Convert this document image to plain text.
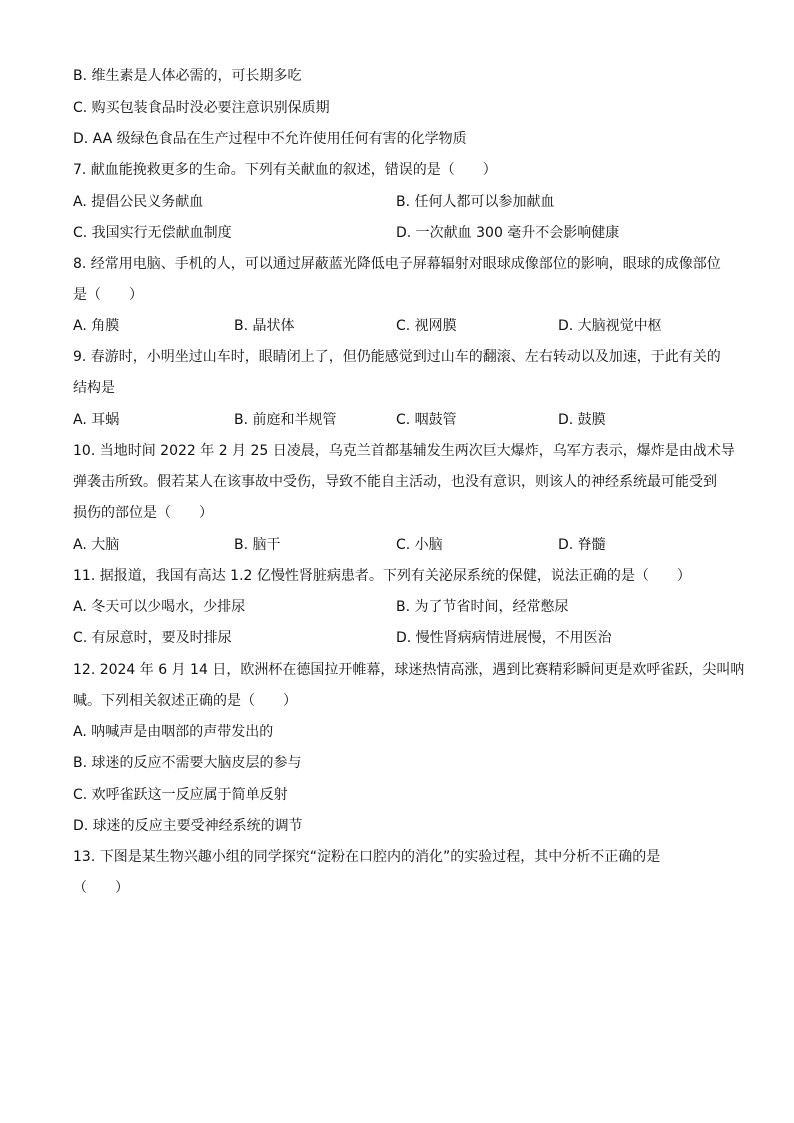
B. 维生素是人体必需的，可长期多吃
C. 购买包装食品时没必要注意识别保质期
D. AA 级绿色食品在生产过程中不允许使用任何有害的化学物质
7. 献血能挽救更多的生命。下列有关献血的叙述，错误的是（　　）
A. 提倡公民义务献血	B. 任何人都可以参加献血
C. 我国实行无偿献血制度	D. 一次献血 300 毫升不会影响健康
8. 经常用电脑、手机的人，可以通过屏蔽蓝光降低电子屏幕辐射对眼球成像部位的影响，眼球的成像部位
是（　　）
A. 角膜	B. 晶状体	C. 视网膜	D. 大脑视觉中枢
9. 春游时，小明坐过山车时，眼睛闭上了，但仍能感觉到过山车的翻滚、左右转动以及加速，于此有关的
结构是
A. 耳蜗	B. 前庭和半规管	C. 咽鼓管	D. 鼓膜
10. 当地时间 2022 年 2 月 25 日凌晨，乌克兰首都基辅发生两次巨大爆炸，乌军方表示，爆炸是由战术导
弹袭击所致。假若某人在该事故中受伤，导致不能自主活动，也没有意识，则该人的神经系统最可能受到
损伤的部位是（　　）
A. 大脑	B. 脑干	C. 小脑	D. 脊髓
11. 据报道，我国有高达 1.2 亿慢性肾脏病患者。下列有关泌尿系统的保健，说法正确的是（　　）
A. 冬天可以少喝水，少排尿	B. 为了节省时间，经常憋尿
C. 有尿意时，要及时排尿	D. 慢性肾病病情进展慢，不用医治
12. 2024 年 6 月 14 日，欧洲杯在德国拉开帷幕，球迷热情高涨，遇到比赛精彩瞬间更是欢呼雀跃，尖叫呐
喊。下列相关叙述正确的是（　　）
A. 呐喊声是由咽部的声带发出的
B. 球迷的反应不需要大脑皮层的参与
C. 欢呼雀跃这一反应属于简单反射
D. 球迷的反应主要受神经系统的调节
13. 下图是某生物兴趣小组的同学探究“淀粉在口腔内的消化”的实验过程，其中分析不正确的是
（　　）
